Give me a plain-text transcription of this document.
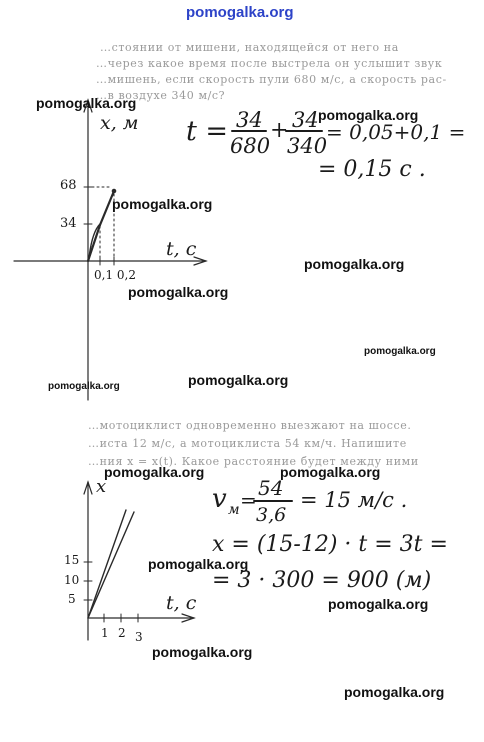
…стоянии от мишени, находящейся от него на
…через какое время после выстрела он услышит звук
…мишень, если скорость пули 680 м/с, а скорость рас-
…в воздухе 340 м/с?
…мотоциклист одновременно выезжают на шоссе.
…иста 12 м/с, а мотоциклиста 54 км/ч. Напишите
…ния x = x(t). Какое расстояние будет между ними
x, м
t, с
68
34
0,1 0,2
t = 34
680
+ 34
340
= 0,05+0,1 =
= 0,15 с .
x
t, с
15
10
5
1 2 3
v м = 54
3,6
= 15 м/с .
x = (15-12) · t = 3t =
= 3 · 300 = 900 (м)
pomogalka.org
pomogalka.org
pomogalka.org
pomogalka.org
pomogalka.org
pomogalka.org
pomogalka.org
pomogalka.org	pomogalka.org
pomogalka.org	pomogalka.org
pomogalka.org
pomogalka.org
pomogalka.org
pomogalka.org
